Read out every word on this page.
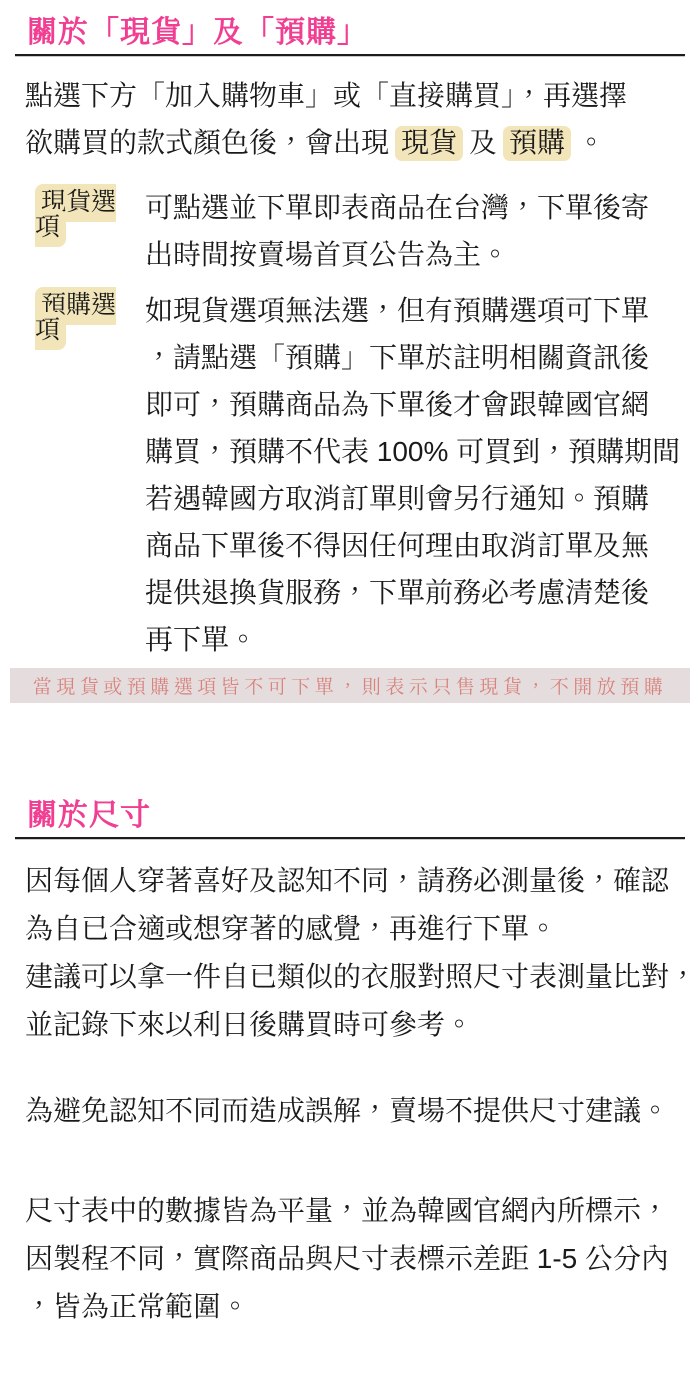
關於「現貨」及「預購」
點選下方「加入購物車」或「直接購買」，再選擇
欲購買的款式顏色後，會出現 現貨 及 預購 。
現貨選項
可點選並下單即表商品在台灣，下單後寄
出時間按賣場首頁公告為主。
預購選項
如現貨選項無法選，但有預購選項可下單
，請點選「預購」下單於註明相關資訊後
即可，預購商品為下單後才會跟韓國官網
購買，預購不代表 100% 可買到，預購期間
若遇韓國方取消訂單則會另行通知。預購
商品下單後不得因任何理由取消訂單及無
提供退換貨服務，下單前務必考慮清楚後
再下單。
當現貨或預購選項皆不可下單，則表示只售現貨，不開放預購
關於尺寸
因每個人穿著喜好及認知不同，請務必測量後，確認
為自已合適或想穿著的感覺，再進行下單。
建議可以拿一件自已類似的衣服對照尺寸表測量比對，
並記錄下來以利日後購買時可參考。
為避免認知不同而造成誤解，賣場不提供尺寸建議。
尺寸表中的數據皆為平量，並為韓國官網內所標示，
因製程不同，實際商品與尺寸表標示差距 1-5 公分內
，皆為正常範圍。
